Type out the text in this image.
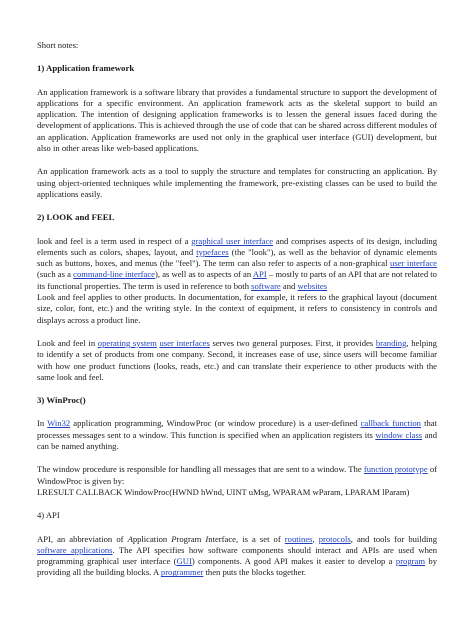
Short notes:

1) Application framework

An application framework is a software library that provides a fundamental structure to support the development of applications for a specific environment. An application framework acts as the skeletal support to build an application. The intention of designing application frameworks is to lessen the general issues faced during the development of applications. This is achieved through the use of code that can be shared across different modules of an application. Application frameworks are used not only in the graphical user interface (GUI) development, but also in other areas like web-based applications.

An application framework acts as a tool to supply the structure and templates for constructing an application. By using object-oriented techniques while implementing the framework, pre-existing classes can be used to build the applications easily.

2) LOOK and FEEL

look and feel is a term used in respect of a graphical user interface and comprises aspects of its design, including elements such as colors, shapes, layout, and typefaces (the "look"), as well as the behavior of dynamic elements such as buttons, boxes, and menus (the "feel"). The term can also refer to aspects of a non-graphical user interface (such as a command-line interface), as well as to aspects of an API – mostly to parts of an API that are not related to its functional properties. The term is used in reference to both software and websites

Look and feel applies to other products. In documentation, for example, it refers to the graphical layout (document size, color, font, etc.) and the writing style. In the context of equipment, it refers to consistency in controls and displays across a product line.

Look and feel in operating system user interfaces serves two general purposes. First, it provides branding, helping to identify a set of products from one company. Second, it increases ease of use, since users will become familiar with how one product functions (looks, reads, etc.) and can translate their experience to other products with the same look and feel.

3) WinProc()

In Win32 application programming, WindowProc (or window procedure) is a user-defined callback function that processes messages sent to a window. This function is specified when an application registers its window class and can be named anything.

The window procedure is responsible for handling all messages that are sent to a window. The function prototype of WindowProc is given by:

LRESULT CALLBACK WindowProc(HWND hWnd, UINT uMsg, WPARAM wParam, LPARAM lParam)

4) API

API, an abbreviation of Application Program Interface, is a set of routines, protocols, and tools for building software applications. The API specifies how software components should interact and APIs are used when programming graphical user interface (GUI) components. A good API makes it easier to develop a program by providing all the building blocks. A programmer then puts the blocks together.
